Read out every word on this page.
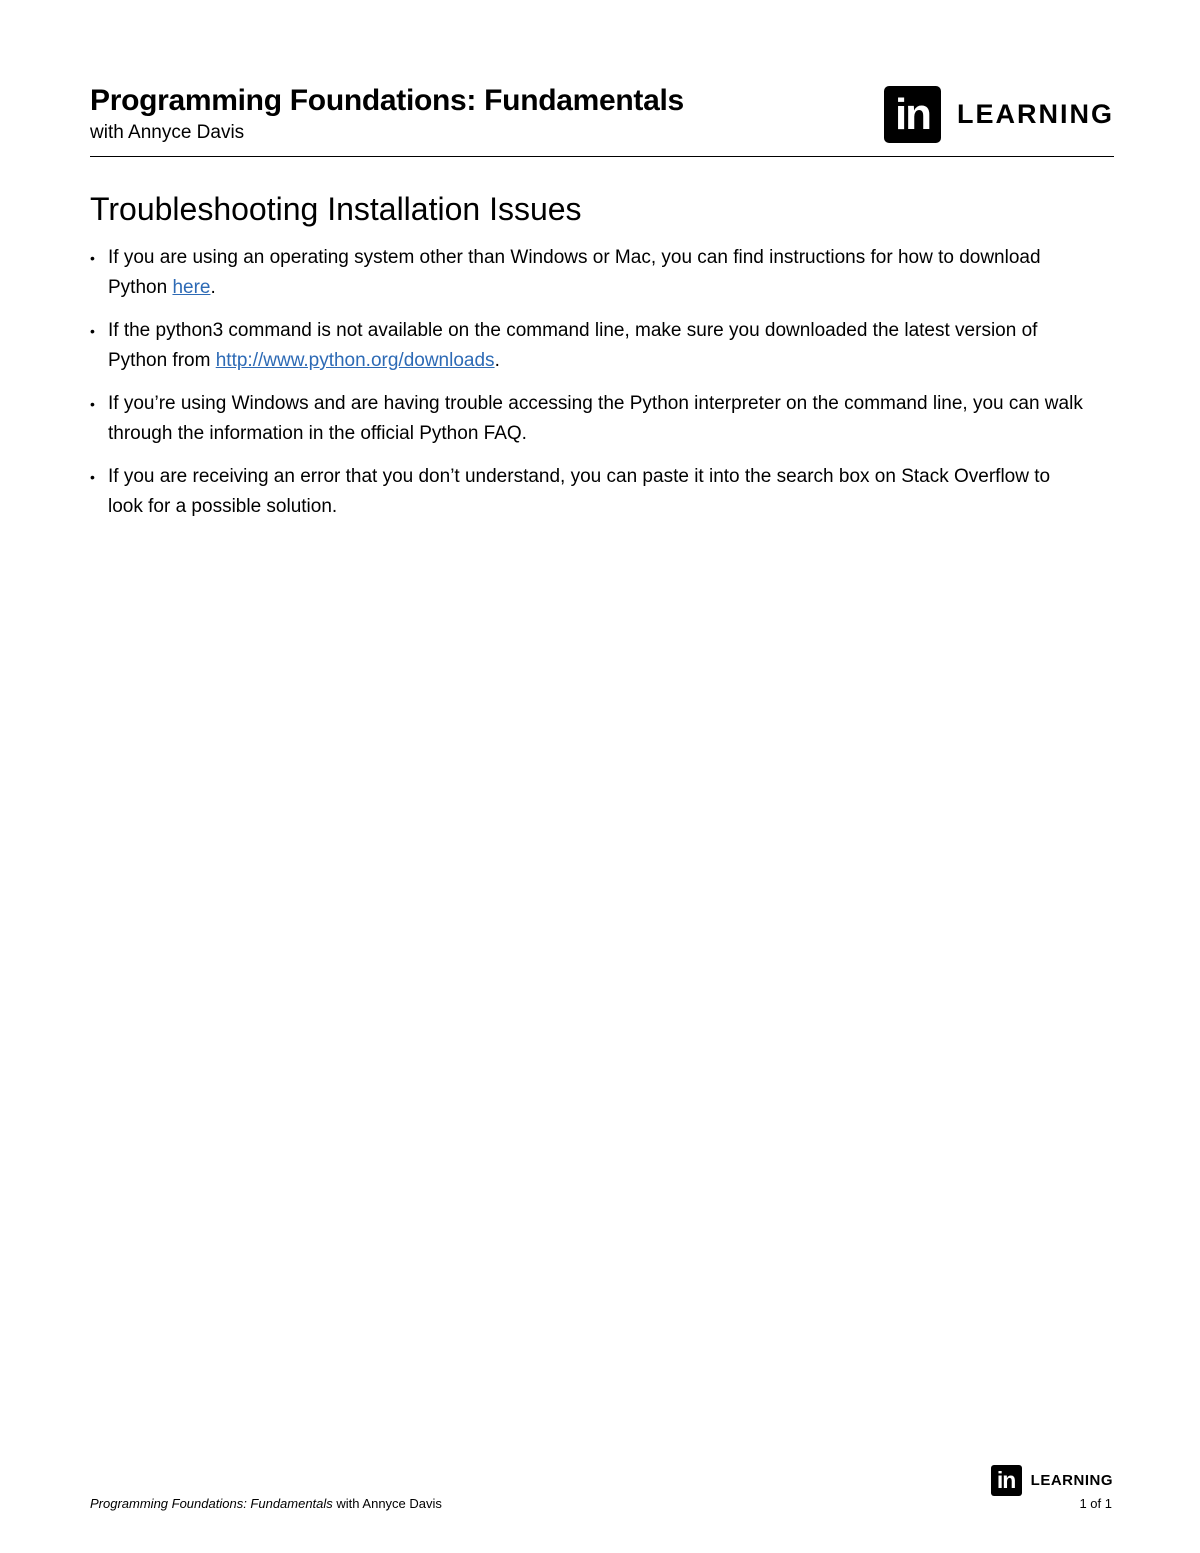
Programming Foundations: Fundamentals

with Annyce Davis	in LEARNING
Troubleshooting Installation Issues
• If you are using an operating system other than Windows or Mac, you can find instructions for how to download Python here.
• If the python3 command is not available on the command line, make sure you downloaded the latest version of Python from http://www.python.org/downloads.
• If you’re using Windows and are having trouble accessing the Python interpreter on the command line, you can walk through the information in the official Python FAQ.
• If you are receiving an error that you don’t understand, you can paste it into the search box on Stack Overflow to look for a possible solution.
Programming Foundations: Fundamentals with Annyce Davis
in	LEARNING
1 of 1
